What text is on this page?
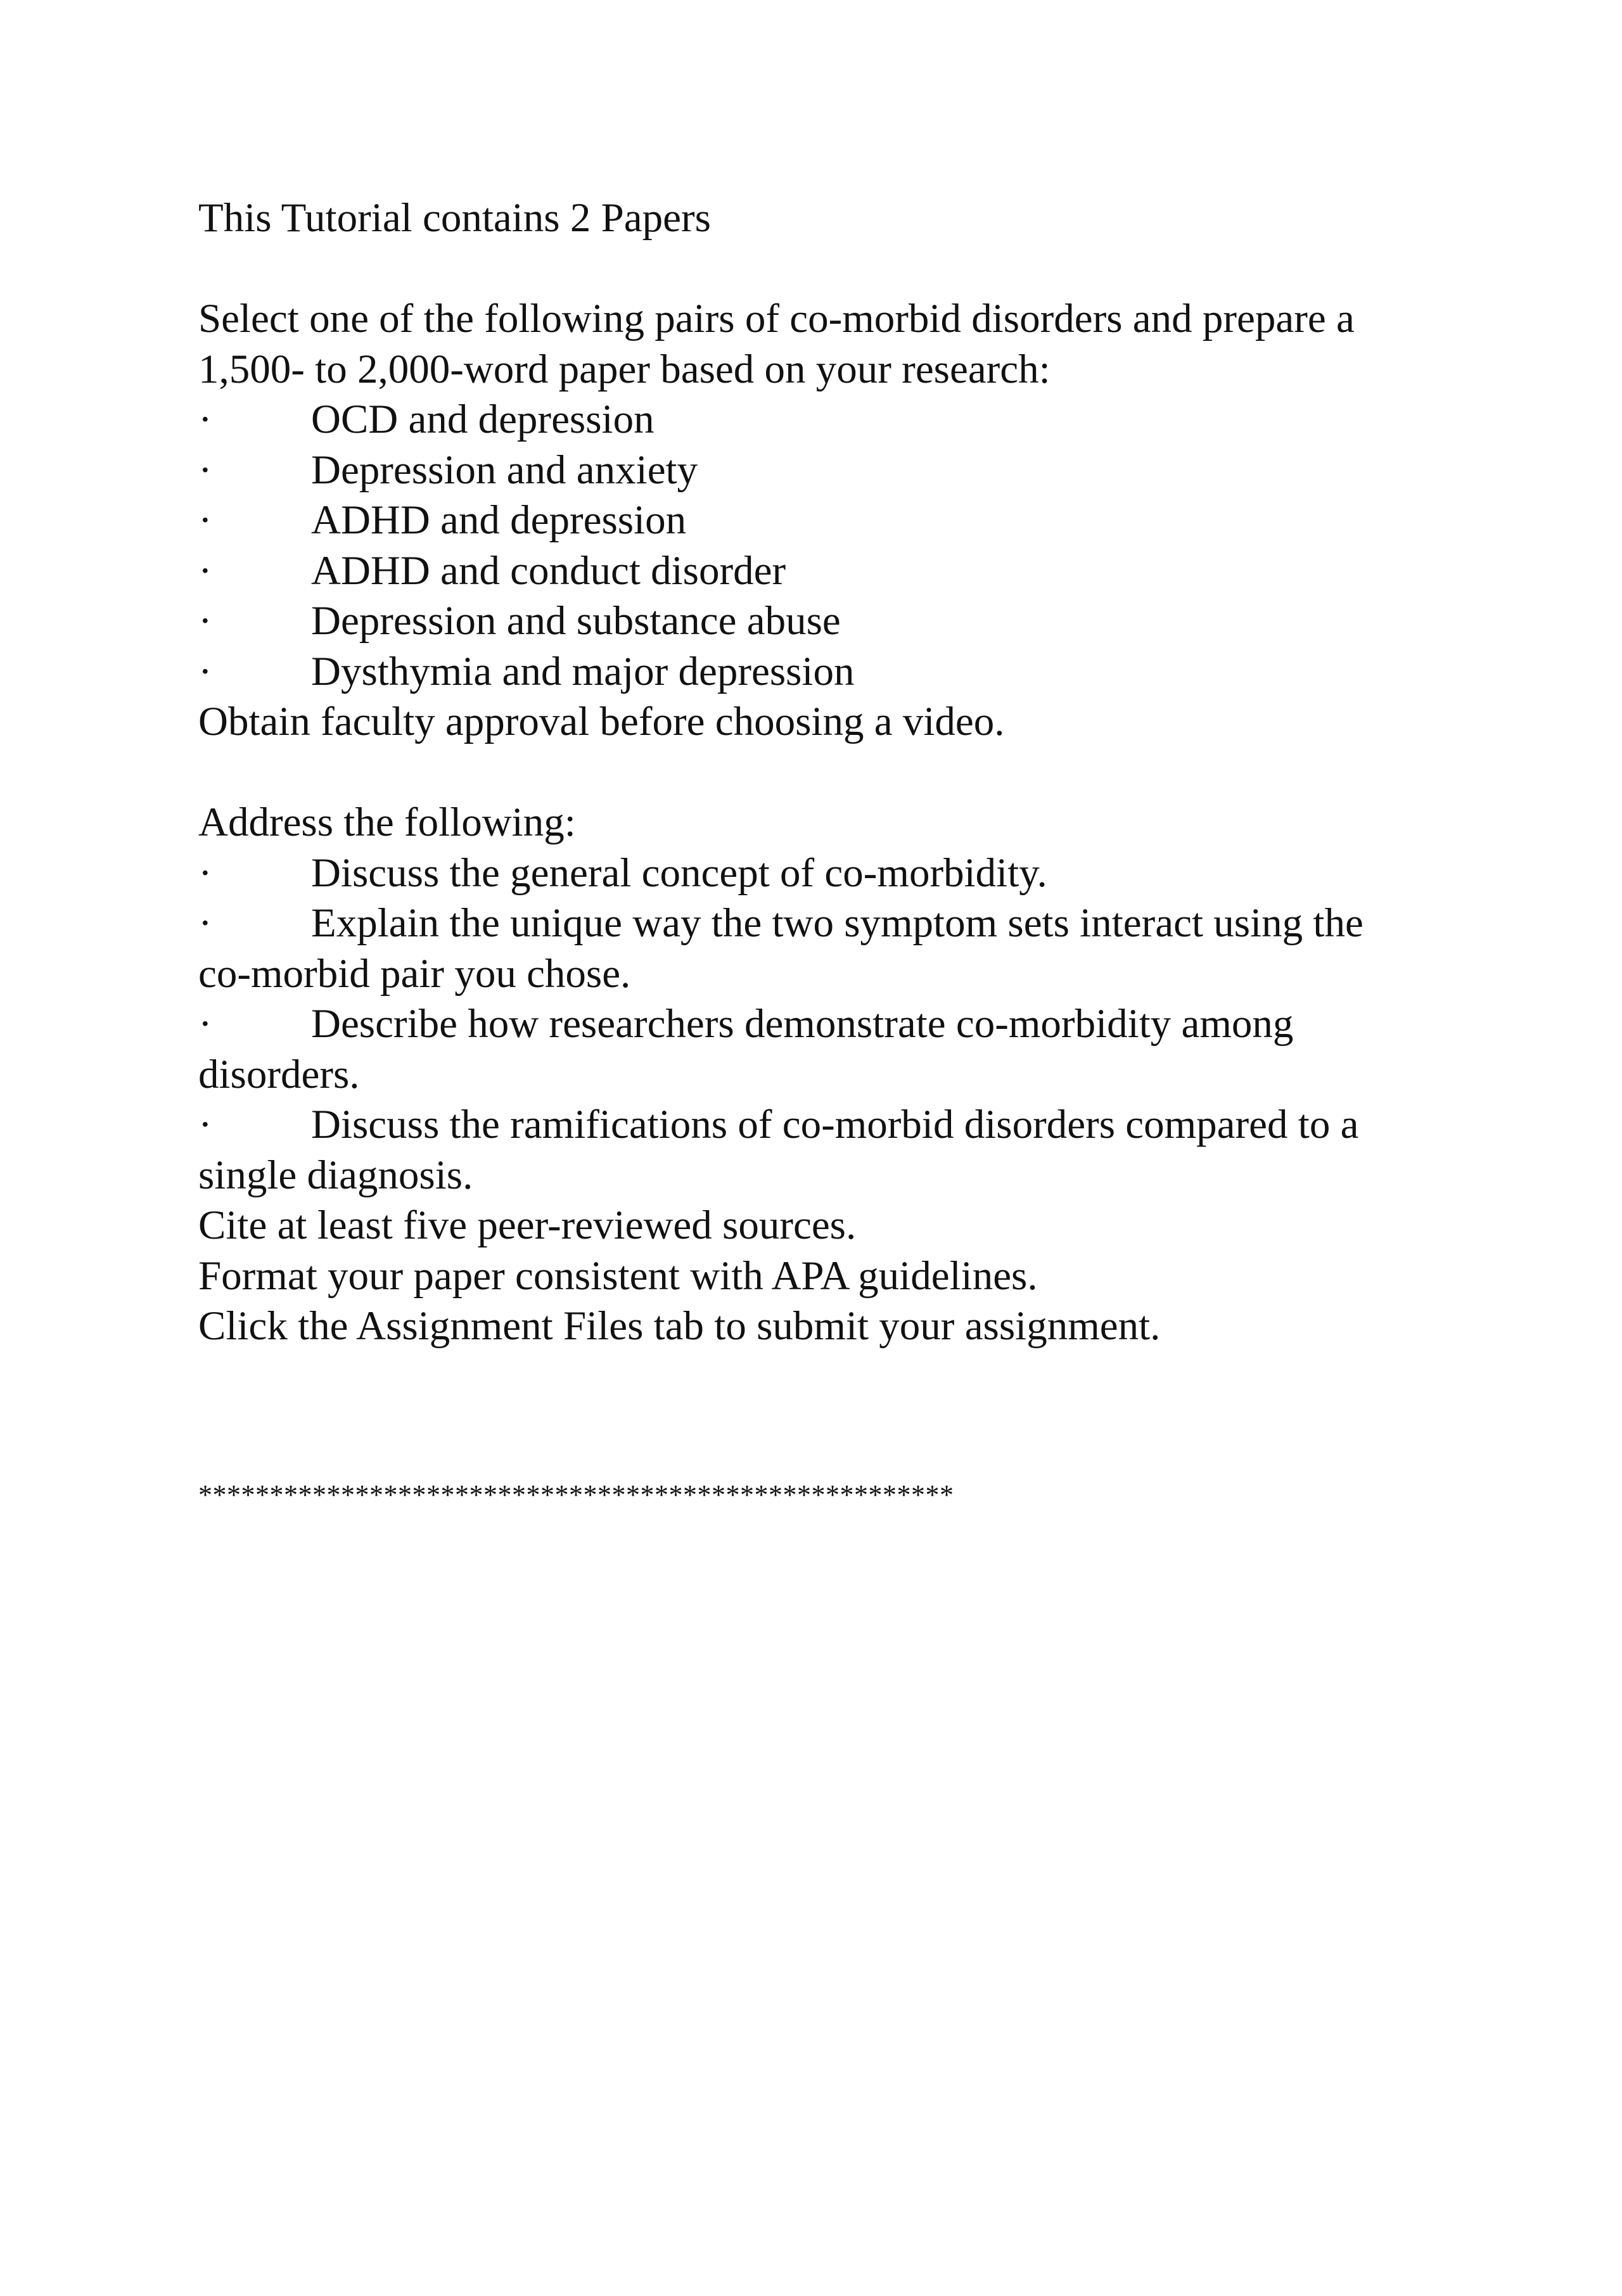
This Tutorial contains 2 Papers
Select one of the following pairs of co-morbid disorders and prepare a
1,500- to 2,000-word paper based on your research:
·	OCD and depression
·	Depression and anxiety
·	ADHD and depression
·	ADHD and conduct disorder
·	Depression and substance abuse
·	Dysthymia and major depression
Obtain faculty approval before choosing a video.
Address the following:
·	Discuss the general concept of co-morbidity.
·	Explain the unique way the two symptom sets interact using the
co-morbid pair you chose.
·	Describe how researchers demonstrate co-morbidity among
disorders.
·	Discuss the ramifications of co-morbid disorders compared to a
single diagnosis.
Cite at least five peer-reviewed sources.
Format your paper consistent with APA guidelines.
Click the Assignment Files tab to submit your assignment.
*****************************************************
